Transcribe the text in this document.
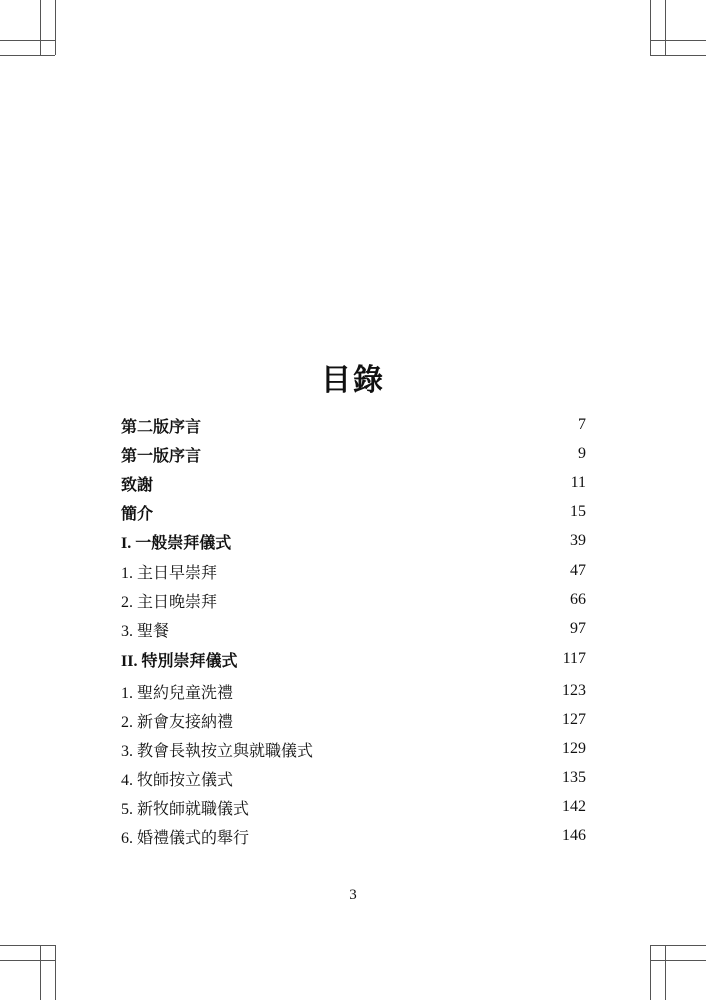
目錄
第二版序言	7
第一版序言	9
致謝	11
簡介	15
I. 一般崇拜儀式	39
1. 主日早崇拜	47
2. 主日晚崇拜	66
3. 聖餐	97
II. 特別崇拜儀式	117
1. 聖約兒童洗禮	123
2. 新會友接納禮	127
3. 教會長執按立與就職儀式	129
4. 牧師按立儀式	135
5. 新牧師就職儀式	142
6. 婚禮儀式的舉行	146

3
